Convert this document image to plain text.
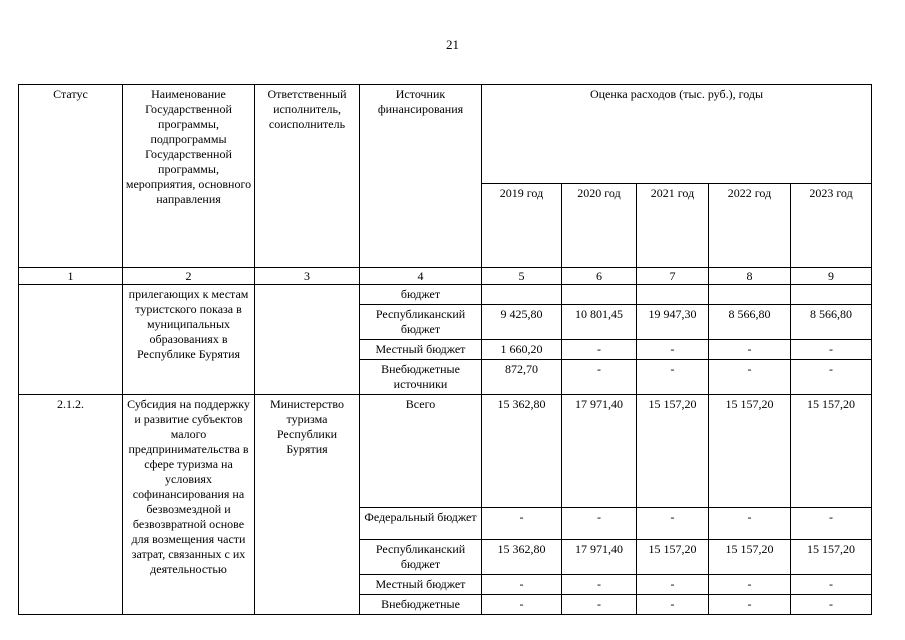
21
Статус	Наименование Государственной программы, подпрограммы Государственной программы, мероприятия, основного направления	Ответственный исполнитель, соисполнитель	Источник финансирования	Оценка расходов (тыс. руб.), годы				
				2019 год	2020 год	2021 год	2022 год	2023 год
1	2	3	4	5	6	7	8	9
	прилегающих к местам туристского показа в муниципальных образованиях в Республике Бурятия		бюджет					
			Республиканский бюджет	9 425,80	10 801,45	19 947,30	8 566,80	8 566,80
			Местный бюджет	1 660,20	-	-	-	-
			Внебюджетные источники	872,70	-	-	-	-
2.1.2.	Субсидия на поддержку и развитие субъектов малого предпринимательства в сфере туризма на условиях софинансирования на безвозмездной и безвозвратной основе для возмещения части затрат, связанных с их деятельностью	Министерство туризма Республики Бурятия	Всего	15 362,80	17 971,40	15 157,20	15 157,20	15 157,20
			Федеральный бюджет	-	-	-	-	-
			Республиканский бюджет	15 362,80	17 971,40	15 157,20	15 157,20	15 157,20
			Местный бюджет	-	-	-	-	-
			Внебюджетные	-	-	-	-	-
